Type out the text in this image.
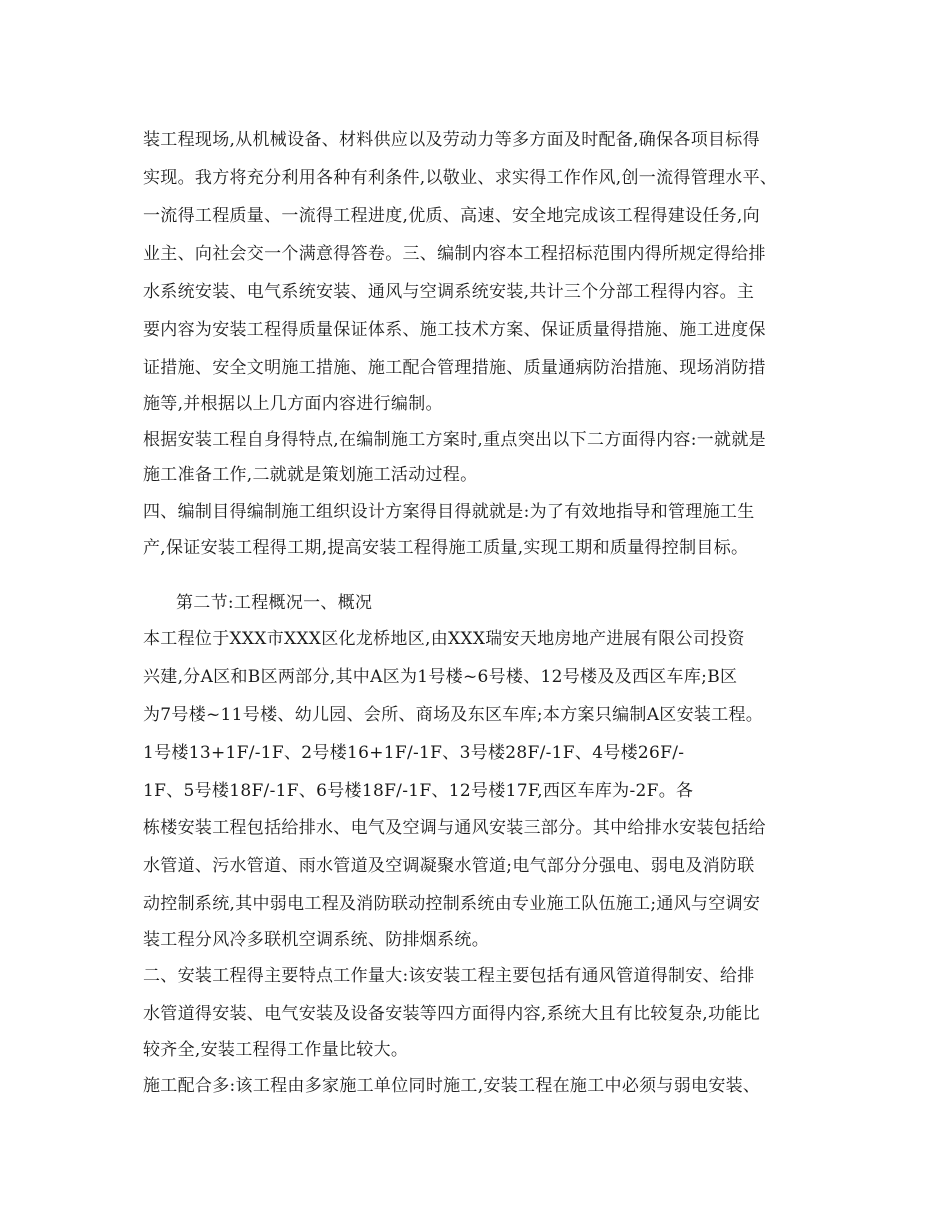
装工程现场,从机械设备、材料供应以及劳动力等多方面及时配备,确保各项目标得
实现。我方将充分利用各种有利条件,以敬业、求实得工作作风,创一流得管理水平、
一流得工程质量、一流得工程进度,优质、高速、安全地完成该工程得建设任务,向
业主、向社会交一个满意得答卷。三、编制内容本工程招标范围内得所规定得给排
水系统安装、电气系统安装、通风与空调系统安装,共计三个分部工程得内容。主
要内容为安装工程得质量保证体系、施工技术方案、保证质量得措施、施工进度保
证措施、安全文明施工措施、施工配合管理措施、质量通病防治措施、现场消防措
施等,并根据以上几方面内容进行编制。
根据安装工程自身得特点,在编制施工方案时,重点突出以下二方面得内容:一就就是
施工准备工作,二就就是策划施工活动过程。
四、编制目得编制施工组织设计方案得目得就就是:为了有效地指导和管理施工生
产,保证安装工程得工期,提高安装工程得施工质量,实现工期和质量得控制目标。
第二节:工程概况一、概况
本工程位于XXX市XXX区化龙桥地区,由XXX瑞安天地房地产进展有限公司投资
兴建,分A区和B区两部分,其中A区为1号楼~6号楼、12号楼及及西区车库;B区
为7号楼~11号楼、幼儿园、会所、商场及东区车库;本方案只编制A区安装工程。
1号楼13+1F/-1F、2号楼16+1F/-1F、3号楼28F/-1F、4号楼26F/-
1F、5号楼18F/-1F、6号楼18F/-1F、12号楼17F,西区车库为-2F。各
栋楼安装工程包括给排水、电气及空调与通风安装三部分。其中给排水安装包括给
水管道、污水管道、雨水管道及空调凝聚水管道;电气部分分强电、弱电及消防联
动控制系统,其中弱电工程及消防联动控制系统由专业施工队伍施工;通风与空调安
装工程分风冷多联机空调系统、防排烟系统。
二、安装工程得主要特点工作量大:该安装工程主要包括有通风管道得制安、给排
水管道得安装、电气安装及设备安装等四方面得内容,系统大且有比较复杂,功能比
较齐全,安装工程得工作量比较大。
施工配合多:该工程由多家施工单位同时施工,安装工程在施工中必须与弱电安装、
